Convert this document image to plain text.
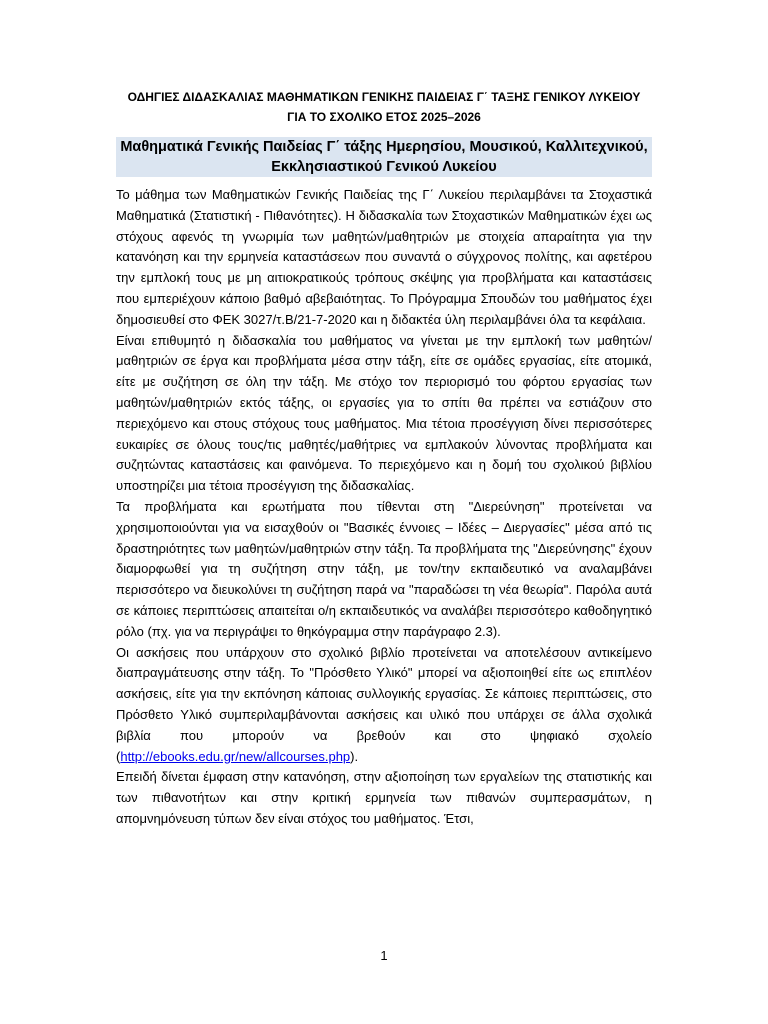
ΟΔΗΓΙΕΣ ΔΙΔΑΣΚΑΛΙΑΣ ΜΑΘΗΜΑΤΙΚΩΝ ΓΕΝΙΚΗΣ ΠΑΙΔΕΙΑΣ Γ΄ ΤΑΞΗΣ ΓΕΝΙΚΟΥ ΛΥΚΕΙΟΥ
ΓΙΑ ΤΟ ΣΧΟΛΙΚΟ ΕΤΟΣ 2025–2026
Μαθηματικά Γενικής Παιδείας Γ΄ τάξης Ημερησίου, Μουσικού, Καλλιτεχνικού,
Εκκλησιαστικού Γενικού Λυκείου

Το μάθημα των Μαθηματικών Γενικής Παιδείας της Γ΄ Λυκείου περιλαμβάνει τα Στοχαστικά Μαθηματικά (Στατιστική - Πιθανότητες). Η διδασκαλία των Στοχαστικών Μαθηματικών έχει ως στόχους αφενός τη γνωριμία των μαθητών/μαθητριών με στοιχεία απαραίτητα για την κατανόηση και την ερμηνεία καταστάσεων που συναντά ο σύγχρονος πολίτης, και αφετέρου την εμπλοκή τους με μη αιτιοκρατικούς τρόπους σκέψης για προβλήματα και καταστάσεις που εμπεριέχουν κάποιο βαθμό αβεβαιότητας. Το Πρόγραμμα Σπουδών του μαθήματος έχει δημοσιευθεί στο ΦΕΚ 3027/τ.Β/21-7-2020 και η διδακτέα ύλη περιλαμβάνει όλα τα κεφάλαια.

Είναι επιθυμητό η διδασκαλία του μαθήματος να γίνεται με την εμπλοκή των μαθητών/μαθητριών σε έργα και προβλήματα μέσα στην τάξη, είτε σε ομάδες εργασίας, είτε ατομικά, είτε με συζήτηση σε όλη την τάξη. Με στόχο τον περιορισμό του φόρτου εργασίας των μαθητών/μαθητριών εκτός τάξης, οι εργασίες για το σπίτι θα πρέπει να εστιάζουν στο περιεχόμενο και στους στόχους τους μαθήματος. Μια τέτοια προσέγγιση δίνει περισσότερες ευκαιρίες σε όλους τους/τις μαθητές/μαθήτριες να εμπλακούν λύνοντας προβλήματα και συζητώντας καταστάσεις και φαινόμενα. Το περιεχόμενο και η δομή του σχολικού βιβλίου υποστηρίζει μια τέτοια προσέγγιση της διδασκαλίας.

Τα προβλήματα και ερωτήματα που τίθενται στη "Διερεύνηση" προτείνεται να χρησιμοποιούνται για να εισαχθούν οι "Βασικές έννοιες – Ιδέες – Διεργασίες" μέσα από τις δραστηριότητες των μαθητών/μαθητριών στην τάξη. Τα προβλήματα της "Διερεύνησης" έχουν διαμορφωθεί για τη συζήτηση στην τάξη, με τον/την εκπαιδευτικό να αναλαμβάνει περισσότερο να διευκολύνει τη συζήτηση παρά να "παραδώσει τη νέα θεωρία". Παρόλα αυτά σε κάποιες περιπτώσεις απαιτείται ο/η εκπαιδευτικός να αναλάβει περισσότερο καθοδηγητικό ρόλο (πχ. για να περιγράψει το θηκόγραμμα στην παράγραφο 2.3).

Οι ασκήσεις που υπάρχουν στο σχολικό βιβλίο προτείνεται να αποτελέσουν αντικείμενο διαπραγμάτευσης στην τάξη. Το "Πρόσθετο Υλικό" μπορεί να αξιοποιηθεί είτε ως επιπλέον ασκήσεις, είτε για την εκπόνηση κάποιας συλλογικής εργασίας. Σε κάποιες περιπτώσεις, στο Πρόσθετο Υλικό συμπεριλαμβάνονται ασκήσεις και υλικό που υπάρχει σε άλλα σχολικά βιβλία που μπορούν να βρεθούν και στο ψηφιακό σχολείο (http://ebooks.edu.gr/new/allcourses.php).

Επειδή δίνεται έμφαση στην κατανόηση, στην αξιοποίηση των εργαλείων της στατιστικής και των πιθανοτήτων και στην κριτική ερμηνεία των πιθανών συμπερασμάτων, η απομνημόνευση τύπων δεν είναι στόχος του μαθήματος. Έτσι,

1
